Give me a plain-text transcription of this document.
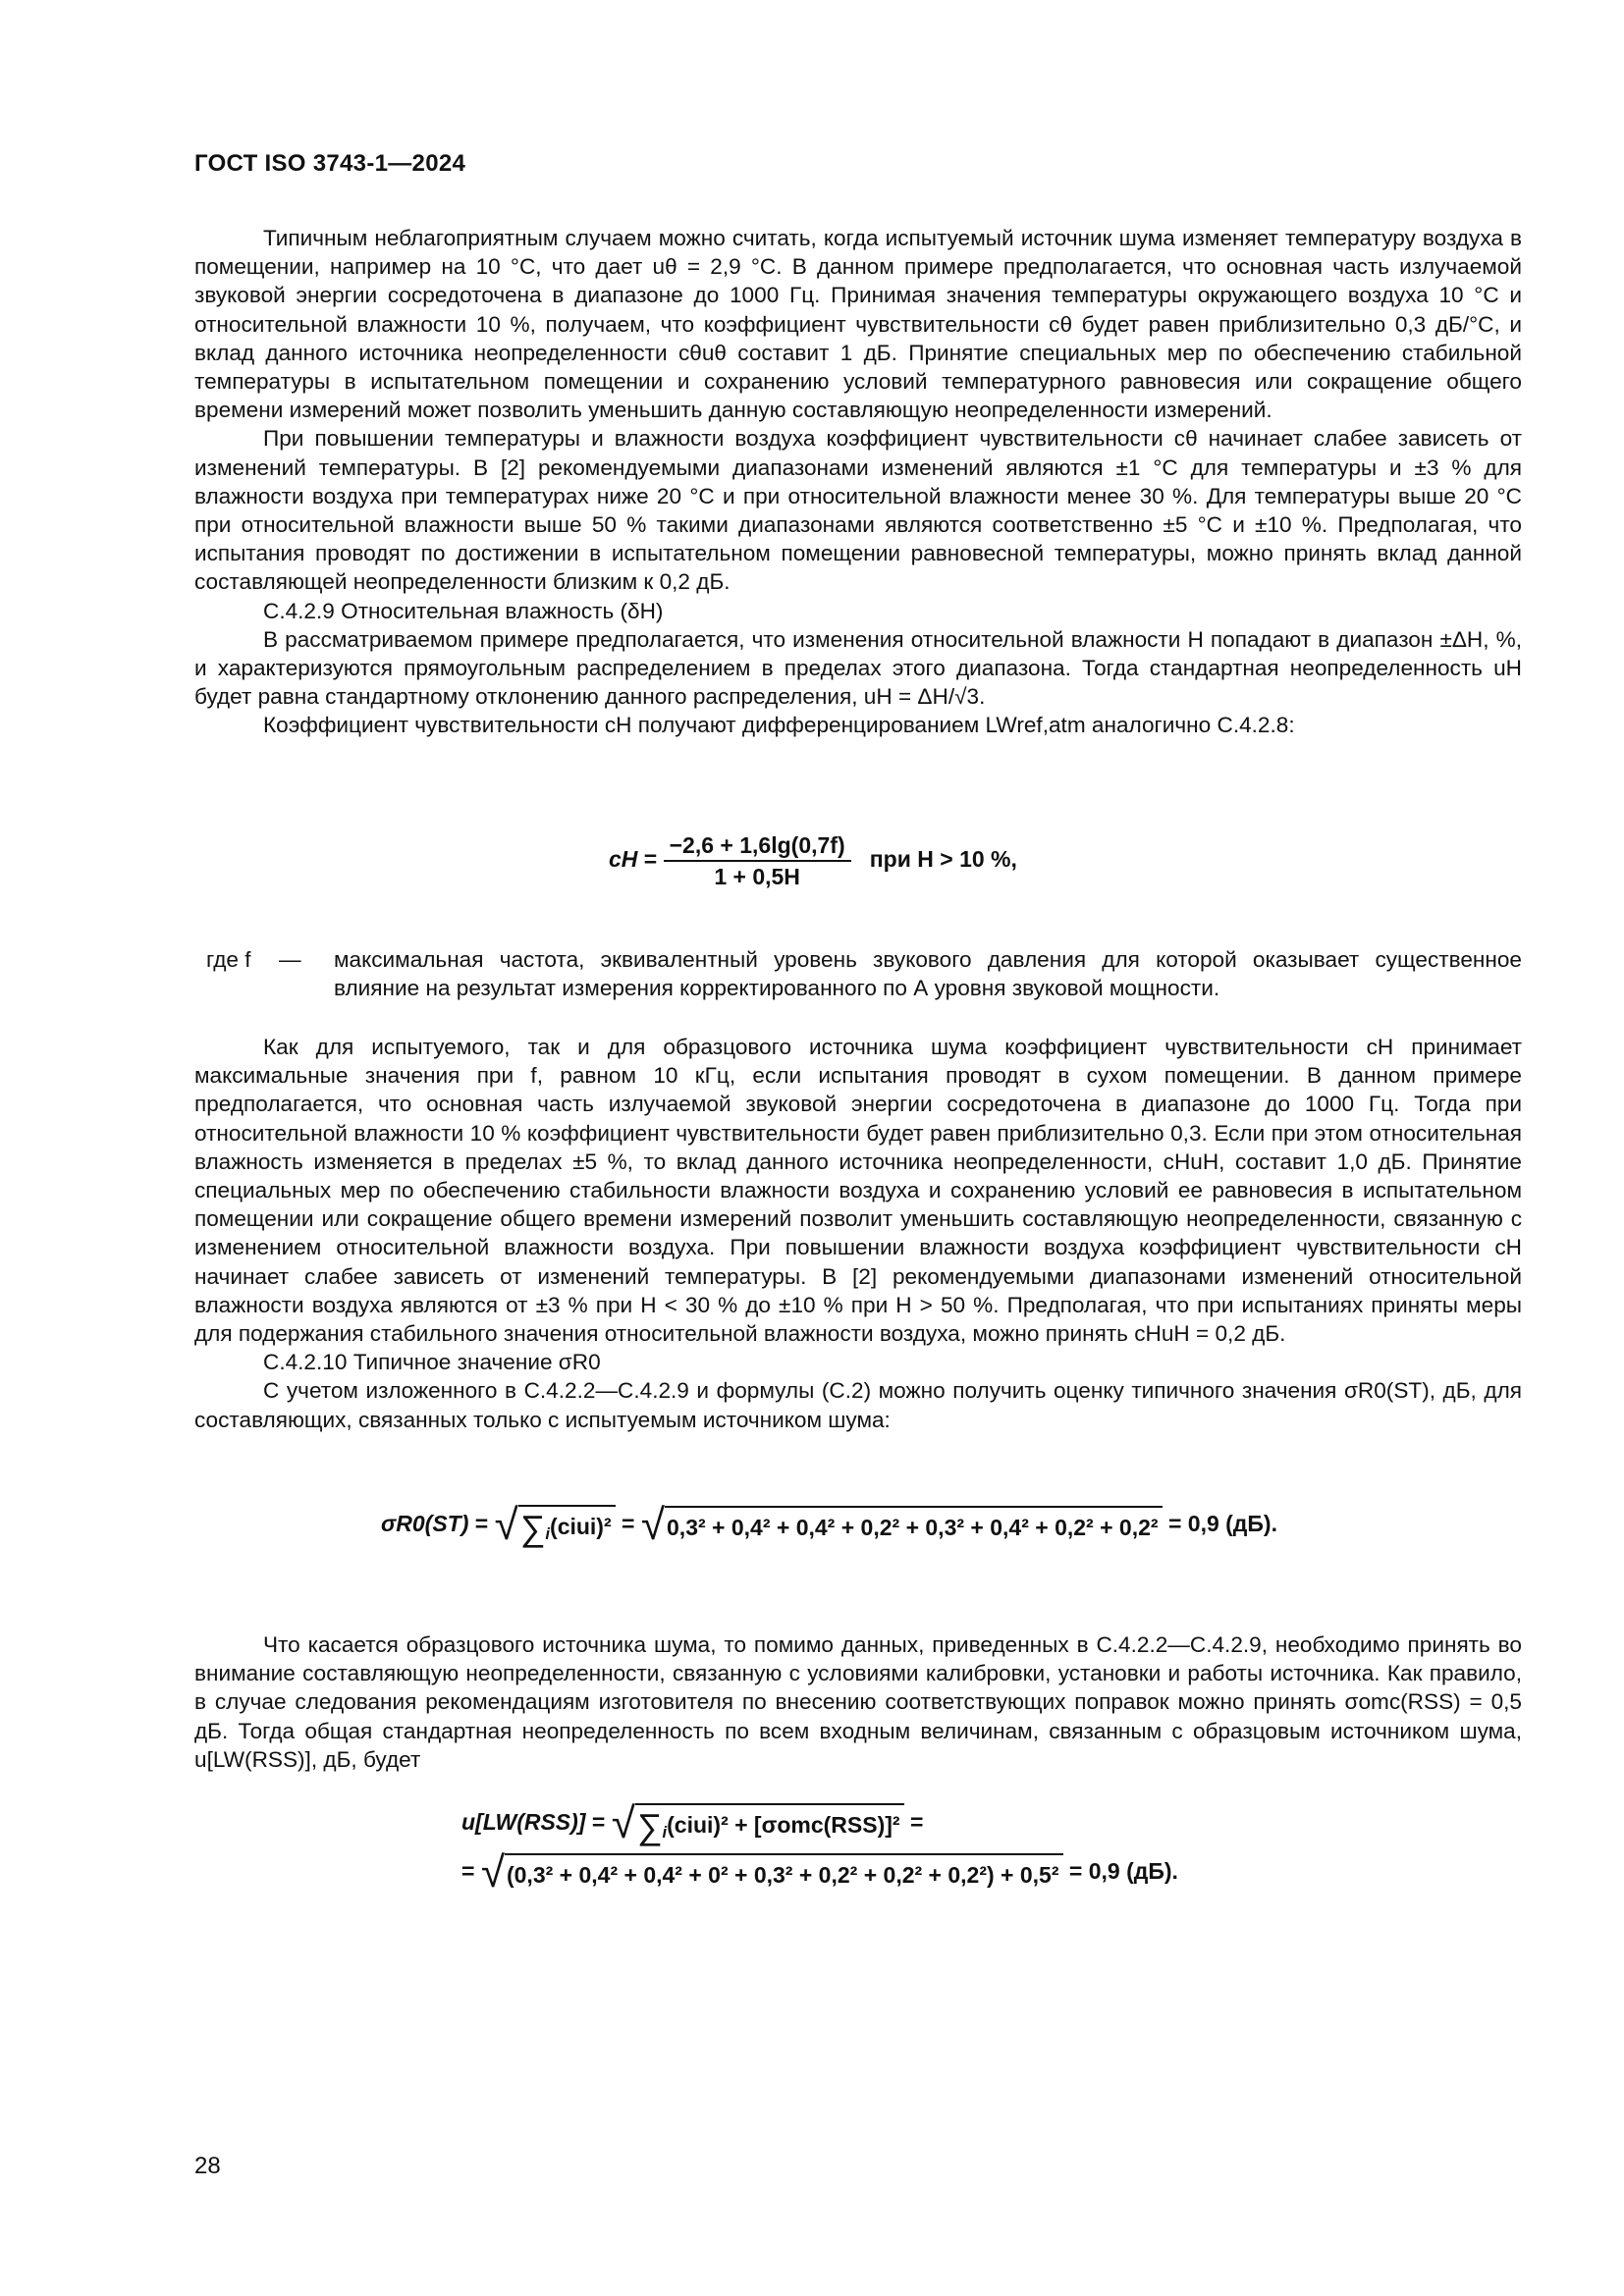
ГОСТ ISO 3743-1—2024

Типичным неблагоприятным случаем можно считать, когда испытуемый источник шума изменяет температуру воздуха в помещении, например на 10 °С, что дает uθ = 2,9 °С. В данном примере предполагается, что основная часть излучаемой звуковой энергии сосредоточена в диапазоне до 1000 Гц. Принимая значения температуры окружающего воздуха 10 °С и относительной влажности 10 %, получаем, что коэффициент чувствительности cθ будет равен приблизительно 0,3 дБ/°С, и вклад данного источника неопределенности cθuθ составит 1 дБ. Принятие специальных мер по обеспечению стабильной температуры в испытательном помещении и сохранению условий температурного равновесия или сокращение общего времени измерений может позволить уменьшить данную составляющую неопределенности измерений.

При повышении температуры и влажности воздуха коэффициент чувствительности cθ начинает слабее зависеть от изменений температуры. В [2] рекомендуемыми диапазонами изменений являются ±1 °С для температуры и ±3 % для влажности воздуха при температурах ниже 20 °С и при относительной влажности менее 30 %. Для температуры выше 20 °С при относительной влажности выше 50 % такими диапазонами являются соответственно ±5 °С и ±10 %. Предполагая, что испытания проводят по достижении в испытательном помещении равновесной температуры, можно принять вклад данной составляющей неопределенности близким к 0,2 дБ.

С.4.2.9 Относительная влажность (δH)

В рассматриваемом примере предполагается, что изменения относительной влажности H попадают в диапазон ±ΔH, %, и характеризуются прямоугольным распределением в пределах этого диапазона. Тогда стандартная неопределенность uH будет равна стандартному отклонению данного распределения, uH = ΔH/√3.

Коэффициент чувствительности cH получают дифференцированием LWref,atm аналогично С.4.2.8:

cH = $\frac{-2,6 + 1,6\lg(0,7f)}{1 + 0,5H}$ при H > 10 %,
где f — максимальная частота, эквивалентный уровень звукового давления для которой оказывает существенное влияние на результат измерения корректированного по А уровня звуковой мощности.

Как для испытуемого, так и для образцового источника шума коэффициент чувствительности cH принимает максимальные значения при f, равном 10 кГц, если испытания проводят в сухом помещении. В данном примере предполагается, что основная часть излучаемой звуковой энергии сосредоточена в диапазоне до 1000 Гц. Тогда при относительной влажности 10 % коэффициент чувствительности будет равен приблизительно 0,3. Если при этом относительная влажность изменяется в пределах ±5 %, то вклад данного источника неопределенности, cHuH, составит 1,0 дБ. Принятие специальных мер по обеспечению стабильности влажности воздуха и сохранению условий ее равновесия в испытательном помещении или сокращение общего времени измерений позволит уменьшить составляющую неопределенности, связанную с изменением относительной влажности воздуха. При повышении влажности воздуха коэффициент чувствительности cH начинает слабее зависеть от изменений температуры. В [2] рекомендуемыми диапазонами изменений относительной влажности воздуха являются от ±3 % при H < 30 % до ±10 % при H > 50 %. Предполагая, что при испытаниях приняты меры для подержания стабильного значения относительной влажности воздуха, можно принять cHuH = 0,2 дБ.

С.4.2.10 Типичное значение σR0

С учетом изложенного в С.4.2.2—С.4.2.9 и формулы (С.2) можно получить оценку типичного значения σR0(ST), дБ, для составляющих, связанных только с испытуемым источником шума:

$\sigma R0(ST) = √\sum_i(ciui)^2 = √0,3^2 + 0,4^2 + 0,4^2 + 0,2^2 + 0,3^2 + 0,4^2 + 0,2^2 + 0,2^2 = 0,9$ (дБ).

Что касается образцового источника шума, то помимо данных, приведенных в С.4.2.2—С.4.2.9, необходимо принять во внимание составляющую неопределенности, связанную с условиями калибровки, установки и работы источника. Как правило, в случае следования рекомендациям изготовителя по внесению соответствующих поправок можно принять σomc(RSS) = 0,5 дБ. Тогда общая стандартная неопределенность по всем входным величинам, связанным с образцовым источником шума, u[LW(RSS)], дБ, будет

$u[LW(RSS)] = √\sum_i(ciui)^2 + [\sigma omc(RSS)]^2$ =
= √(0,3² + 0,4² + 0,4² + 0² + 0,3² + 0,2² + 0,2² + 0,2²) + 0,5² = 0,9 (дБ).
28
